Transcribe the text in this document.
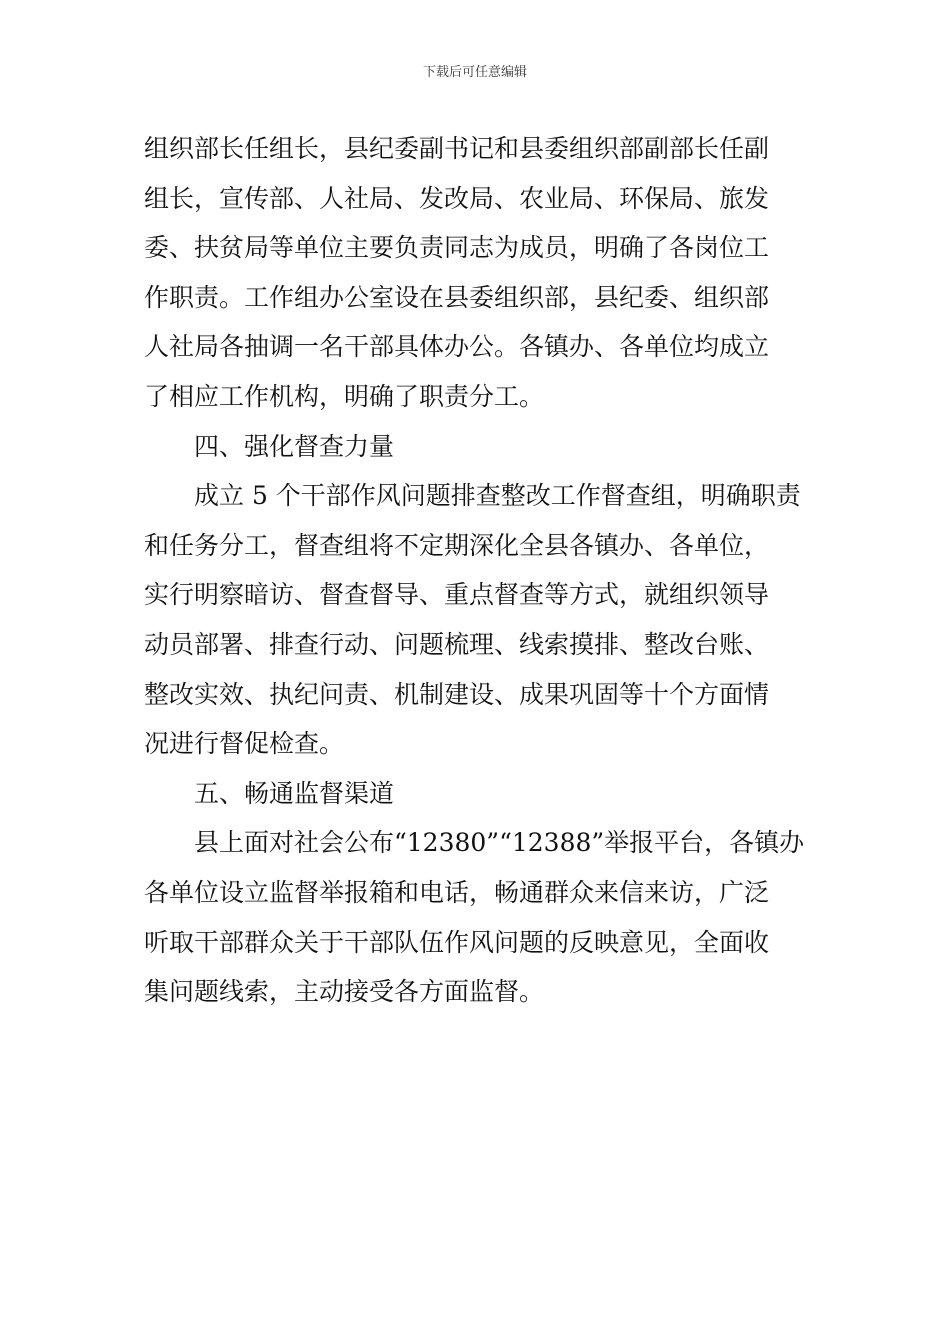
下载后可任意编辑
组织部长任组长，县纪委副书记和县委组织部副部长任副
组长，宣传部、人社局、发改局、农业局、环保局、旅发
委、扶贫局等单位主要负责同志为成员，明确了各岗位工
作职责。工作组办公室设在县委组织部，县纪委、组织部
人社局各抽调一名干部具体办公。各镇办、各单位均成立
了相应工作机构，明确了职责分工。
四、强化督查力量
成立 5 个干部作风问题排查整改工作督查组，明确职责
和任务分工，督查组将不定期深化全县各镇办、各单位，
实行明察暗访、督查督导、重点督查等方式，就组织领导
动员部署、排查行动、问题梳理、线索摸排、整改台账、
整改实效、执纪问责、机制建设、成果巩固等十个方面情
况进行督促检查。
五、畅通监督渠道
县上面对社会公布“12380”“12388”举报平台，各镇办
各单位设立监督举报箱和电话，畅通群众来信来访，广泛
听取干部群众关于干部队伍作风问题的反映意见，全面收
集问题线索，主动接受各方面监督。
